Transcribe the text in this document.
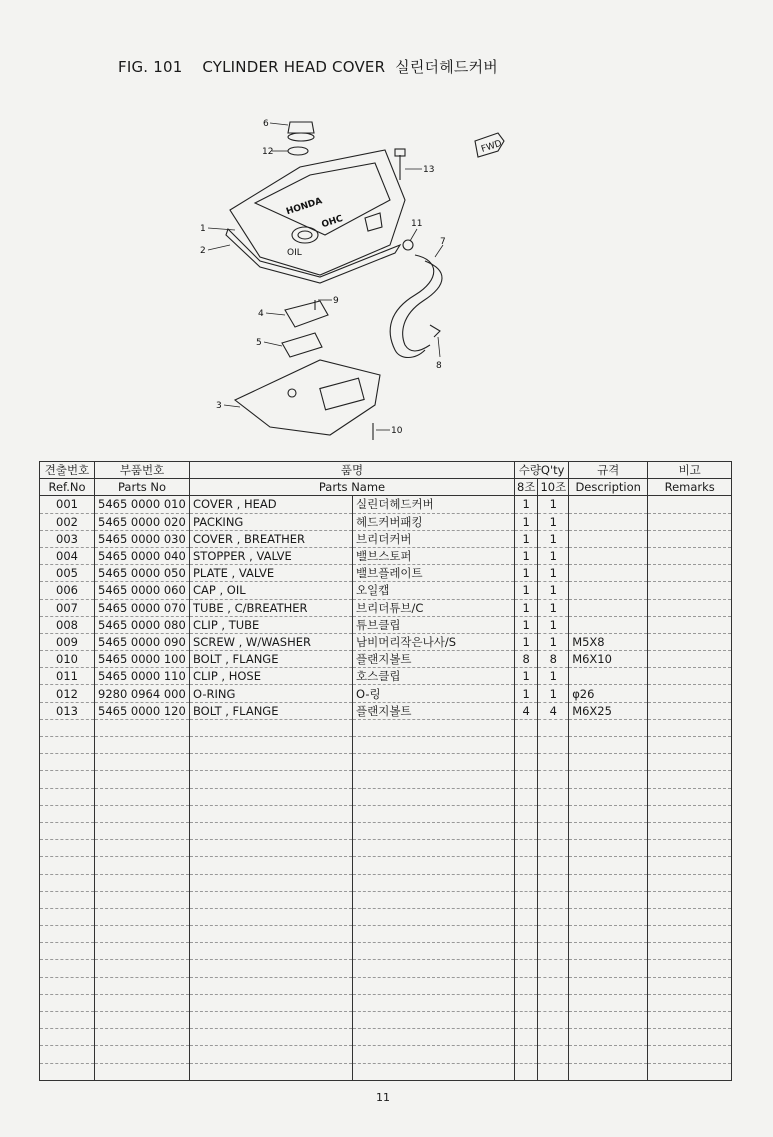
FIG. 101    CYLINDER HEAD COVER  실린더헤드커버
HONDA
OHC
OIL
FWD
6
12
1
2
3
4
5
13
11
7
9
10
8
견출번호	부품번호	품명		수량Q'ty		규격	비고
Ref.No	Parts No	Parts Name		8조	10조	Description	Remarks
001	5465 0000 010	COVER , HEAD	실린더헤드커버	1	1		
002	5465 0000 020	PACKING	헤드커버패킹	1	1		
003	5465 0000 030	COVER , BREATHER	브리더커버	1	1		
004	5465 0000 040	STOPPER , VALVE	밸브스토퍼	1	1		
005	5465 0000 050	PLATE , VALVE	밸브플레이트	1	1		
006	5465 0000 060	CAP , OIL	오일캡	1	1		
007	5465 0000 070	TUBE , C/BREATHER	브리더튜브/C	1	1		
008	5465 0000 080	CLIP , TUBE	튜브클립	1	1		
009	5465 0000 090	SCREW , W/WASHER	남비머리작은나사/S	1	1	M5X8	
010	5465 0000 100	BOLT , FLANGE	플랜지볼트	8	8	M6X10	
011	5465 0000 110	CLIP , HOSE	호스클립	1	1		
012	9280 0964 000	O-RING	O-링	1	1	φ26	
013	5465 0000 120	BOLT , FLANGE	플랜지볼트	4	4	M6X25	

11
